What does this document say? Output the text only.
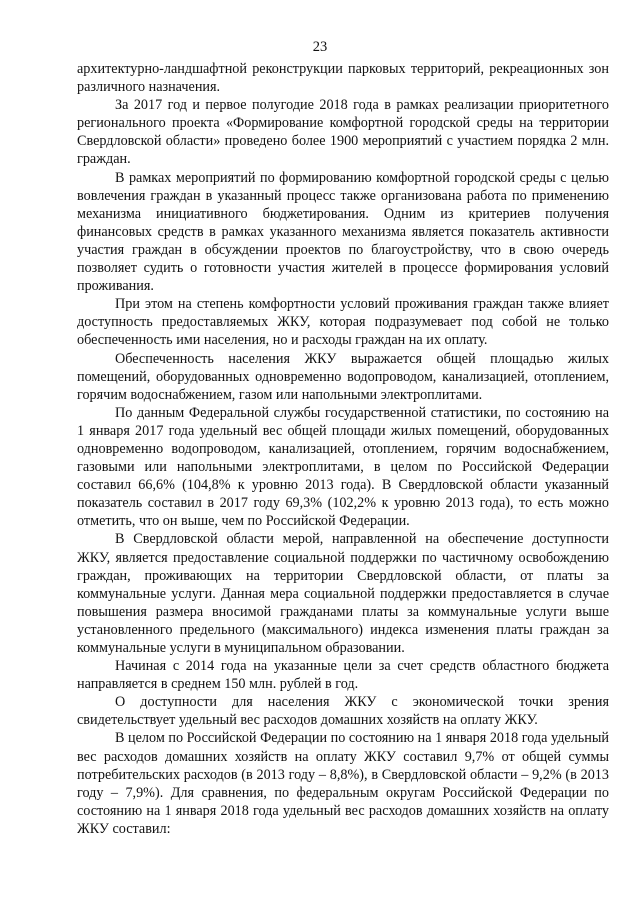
23

архитектурно-ландшафтной реконструкции парковых территорий, рекреационных зон различного назначения.

За 2017 год и первое полугодие 2018 года в рамках реализации приоритетного регионального проекта «Формирование комфортной городской среды на территории Свердловской области» проведено более 1900 мероприятий с участием порядка 2 млн. граждан.

В рамках мероприятий по формированию комфортной городской среды с целью вовлечения граждан в указанный процесс также организована работа по применению механизма инициативного бюджетирования. Одним из критериев получения финансовых средств в рамках указанного механизма является показатель активности участия граждан в обсуждении проектов по благоустройству, что в свою очередь позволяет судить о готовности участия жителей в процессе формирования условий проживания.

При этом на степень комфортности условий проживания граждан также влияет доступность предоставляемых ЖКУ, которая подразумевает под собой не только обеспеченность ими населения, но и расходы граждан на их оплату.

Обеспеченность населения ЖКУ выражается общей площадью жилых помещений, оборудованных одновременно водопроводом, канализацией, отоплением, горячим водоснабжением, газом или напольными электроплитами.

По данным Федеральной службы государственной статистики, по состоянию на 1 января 2017 года удельный вес общей площади жилых помещений, оборудованных одновременно водопроводом, канализацией, отоплением, горячим водоснабжением, газовыми или напольными электроплитами, в целом по Российской Федерации составил 66,6% (104,8% к уровню 2013 года). В Свердловской области указанный показатель составил в 2017 году 69,3% (102,2% к уровню 2013 года), то есть можно отметить, что он выше, чем по Российской Федерации.

В Свердловской области мерой, направленной на обеспечение доступности ЖКУ, является предоставление социальной поддержки по частичному освобождению граждан, проживающих на территории Свердловской области, от платы за коммунальные услуги. Данная мера социальной поддержки предоставляется в случае повышения размера вносимой гражданами платы за коммунальные услуги выше установленного предельного (максимального) индекса изменения платы граждан за коммунальные услуги в муниципальном образовании.

Начиная с 2014 года на указанные цели за счет средств областного бюджета направляется в среднем 150 млн. рублей в год.

О доступности для населения ЖКУ с экономической точки зрения свидетельствует удельный вес расходов домашних хозяйств на оплату ЖКУ.

В целом по Российской Федерации по состоянию на 1 января 2018 года удельный вес расходов домашних хозяйств на оплату ЖКУ составил 9,7% от общей суммы потребительских расходов (в 2013 году – 8,8%), в Свердловской области – 9,2% (в 2013 году – 7,9%). Для сравнения, по федеральным округам Российской Федерации по состоянию на 1 января 2018 года удельный вес расходов домашних хозяйств на оплату ЖКУ составил:
